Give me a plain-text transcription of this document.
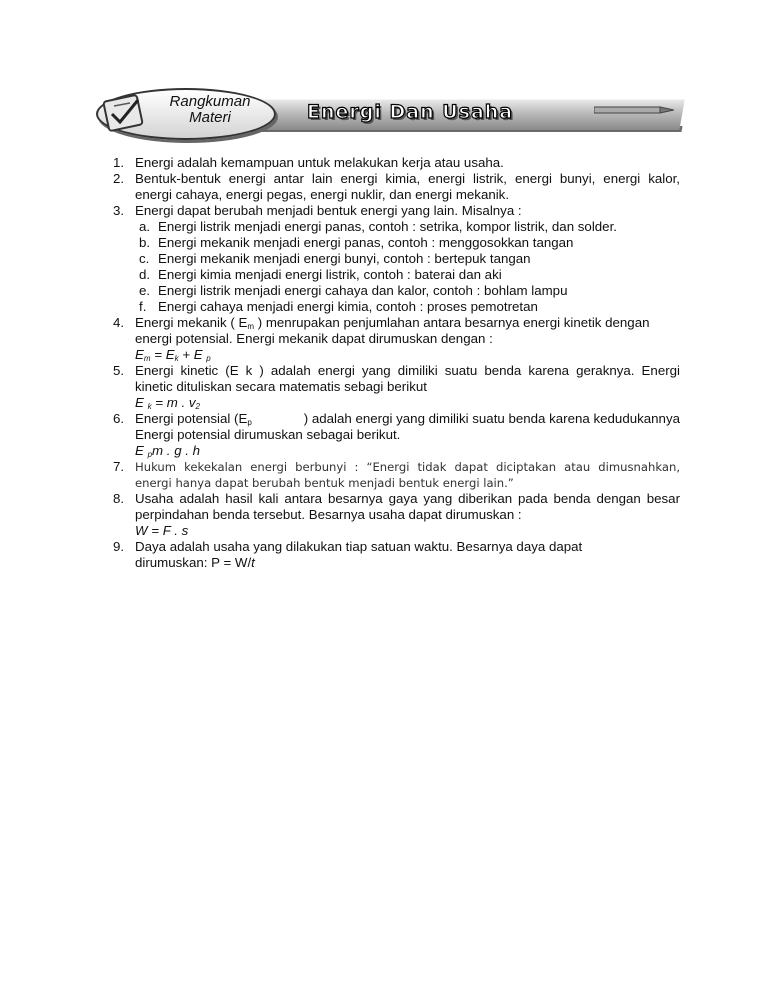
Energi Dan Usaha
Rangkuman
Materi
1. Energi adalah kemampuan untuk melakukan kerja atau usaha.
2. Bentuk-bentuk energi antar lain energi kimia, energi listrik, energi bunyi, energi kalor,
energi cahaya, energi pegas, energi nuklir, dan energi mekanik.
3. Energi dapat berubah menjadi bentuk energi yang lain. Misalnya :
a. Energi listrik menjadi energi panas, contoh : setrika, kompor listrik, dan solder.
b. Energi mekanik menjadi energi panas, contoh : menggosokkan tangan
c. Energi mekanik menjadi energi bunyi, contoh : bertepuk tangan
d. Energi kimia menjadi energi listrik, contoh : baterai dan aki
e. Energi listrik menjadi energi cahaya dan kalor, contoh : bohlam lampu
f. Energi cahaya menjadi energi kimia, contoh : proses pemotretan
4. Energi mekanik ( $E_m$ ) menrupakan penjumlahan antara besarnya energi kinetik dengan
energi potensial. Energi mekanik dapat dirumuskan dengan :
$E_m = E_k + E$ $_p$
5. Energi kinetic (E k ) adalah energi yang dimiliki suatu benda karena geraknya. Energi
kinetic dituliskan secara matematis sebagi berikut
E $_k$ = m . $v_2$
6. Energi potensial ($E_p$	) adalah energi yang dimiliki suatu benda karena kedudukannya
Energi potensial dirumuskan sebagai berikut.
E $_p$m . g . h
7. Hukum kekekalan energi berbunyi : “Energi tidak dapat diciptakan atau dimusnahkan,
energi hanya dapat berubah bentuk menjadi bentuk energi lain.”
8. Usaha adalah hasil kali antara besarnya gaya yang diberikan pada benda dengan besar
perpindahan benda tersebut. Besarnya usaha dapat dirumuskan :
W = F . s
9. Daya adalah usaha yang dilakukan tiap satuan waktu. Besarnya daya dapat
dirumuskan: P = W/t
